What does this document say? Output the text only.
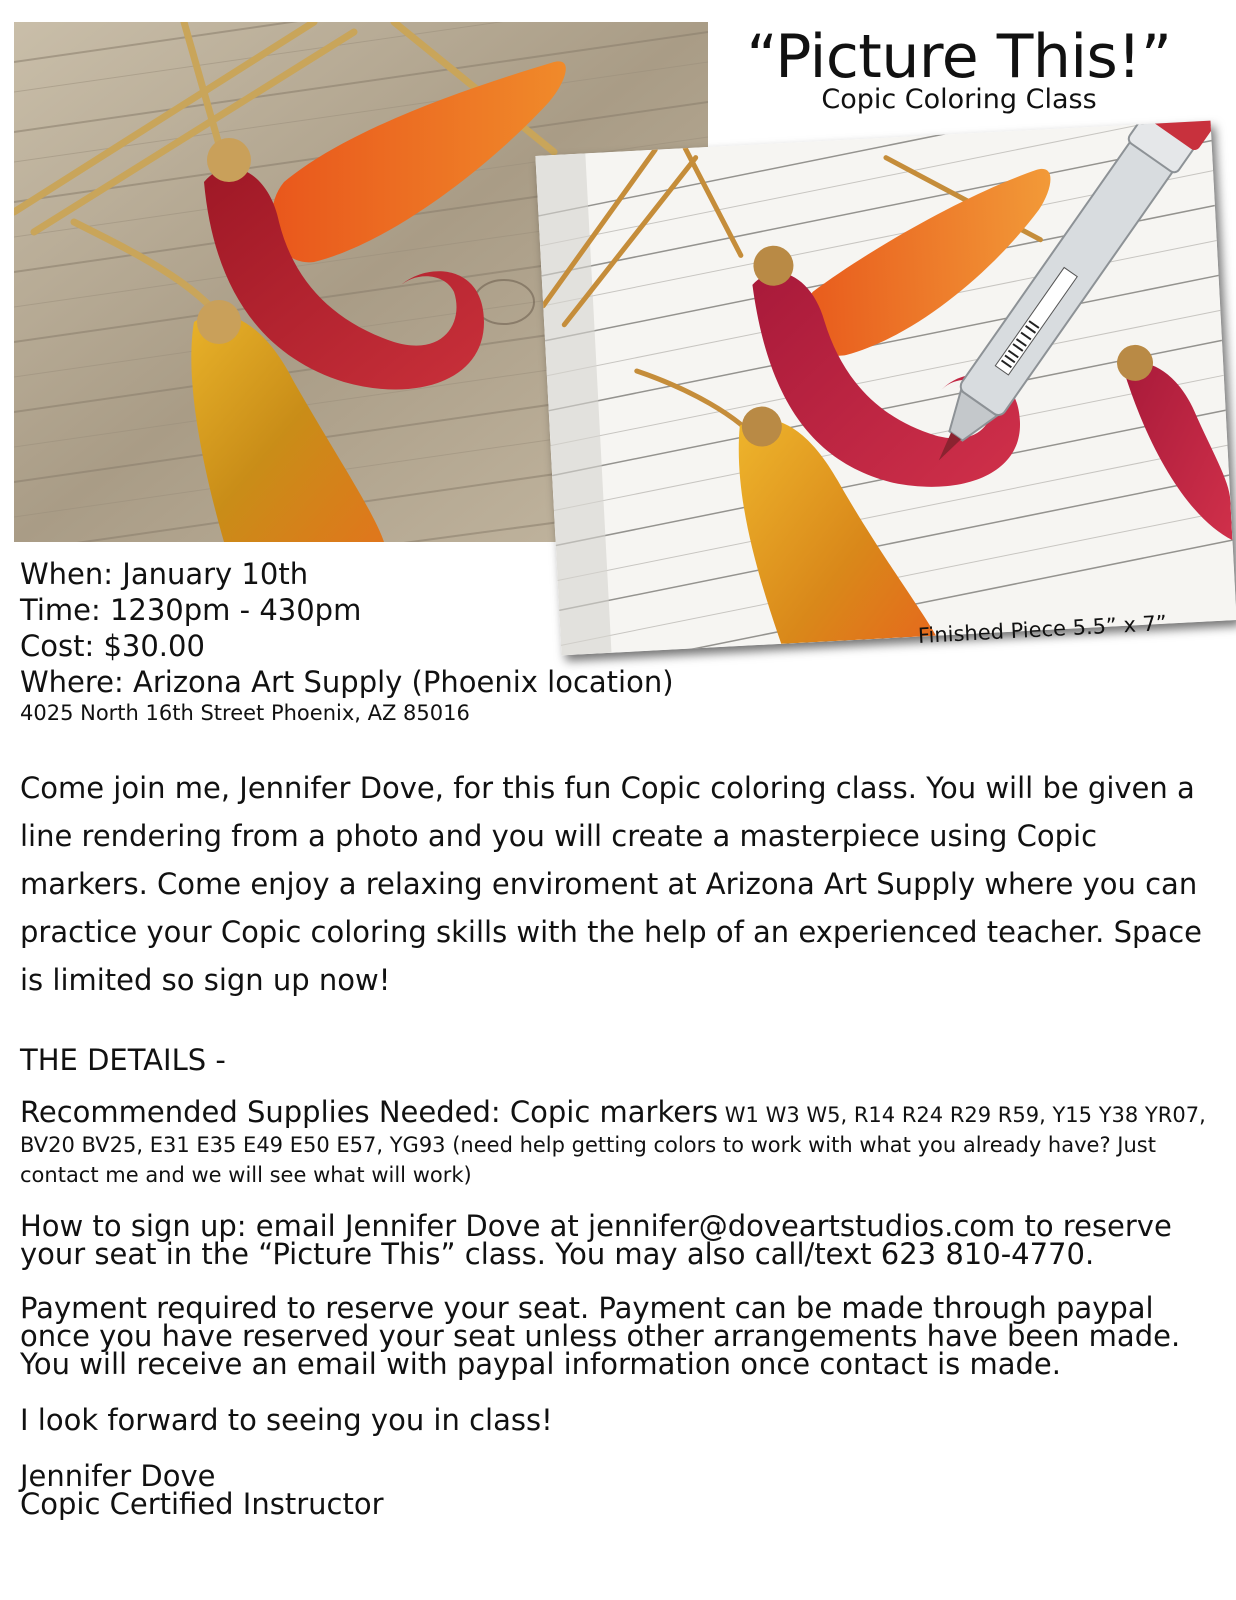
“Picture This!”
Copic Coloring Class
Finished Piece 5.5” x 7”
When: January 10th
Time: 1230pm - 430pm
Cost: $30.00
Where: Arizona Art Supply (Phoenix location)
4025 North 16th Street Phoenix, AZ 85016
Come join me, Jennifer Dove, for this fun Copic coloring class. You will be given a line rendering from a photo and you will create a masterpiece using Copic markers. Come enjoy a relaxing enviroment at Arizona Art Supply where you can practice your Copic coloring skills with the help of an experienced teacher. Space is limited so sign up now!
THE DETAILS -
Recommended Supplies Needed: Copic markers W1 W3 W5, R14 R24 R29 R59, Y15 Y38 YR07, BV20 BV25, E31 E35 E49 E50 E57, YG93 (need help getting colors to work with what you already have? Just contact me and we will see what will work)
How to sign up: email Jennifer Dove at jennifer@doveartstudios.com to reserve your seat in the “Picture This” class. You may also call/text 623 810-4770.
Payment required to reserve your seat. Payment can be made through paypal once you have reserved your seat unless other arrangements have been made. You will receive an email with paypal information once contact is made.
I look forward to seeing you in class!
Jennifer Dove
Copic Certified Instructor
